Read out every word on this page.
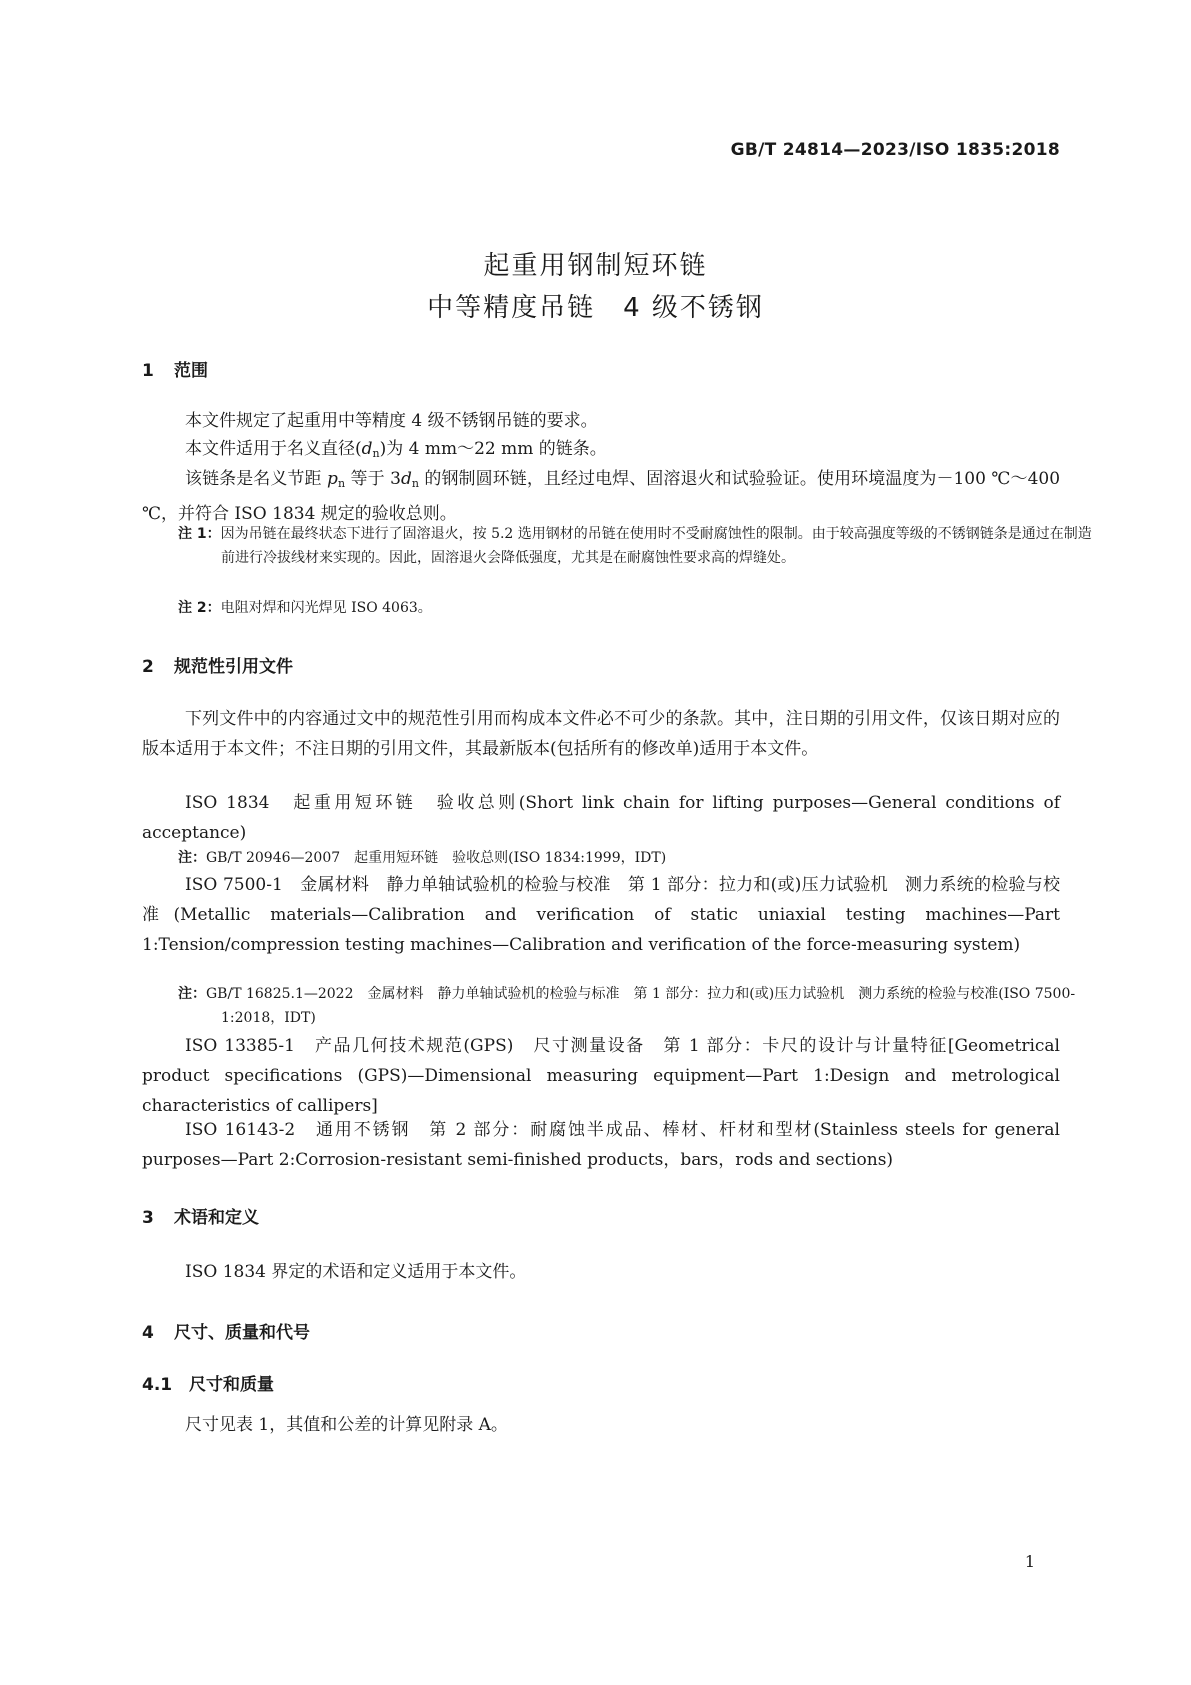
GB/T 24814—2023/ISO 1835:2018
起重用钢制短环链
中等精度吊链　4 级不锈钢
1 范围
本文件规定了起重用中等精度 4 级不锈钢吊链的要求。
本文件适用于名义直径$(d_n)$为 4 mm～22 mm 的链条。
该链条是名义节距 $p_n$ 等于 $3d_n$ 的钢制圆环链，且经过电焊、固溶退火和试验验证。使用环境温度为－100 ℃～400 ℃，并符合 ISO 1834 规定的验收总则。
注 1：因为吊链在最终状态下进行了固溶退火，按 5.2 选用钢材的吊链在使用时不受耐腐蚀性的限制。由于较高强度等级的不锈钢链条是通过在制造前进行冷拔线材来实现的。因此，固溶退火会降低强度，尤其是在耐腐蚀性要求高的焊缝处。
注 2：电阻对焊和闪光焊见 ISO 4063。
2 规范性引用文件
下列文件中的内容通过文中的规范性引用而构成本文件必不可少的条款。其中，注日期的引用文件，仅该日期对应的版本适用于本文件；不注日期的引用文件，其最新版本(包括所有的修改单)适用于本文件。
ISO 1834　起重用短环链　验收总则(Short link chain for lifting purposes—General conditions of acceptance)
注：GB/T 20946—2007　起重用短环链　验收总则(ISO 1834:1999，IDT)
ISO 7500-1　金属材料　静力单轴试验机的检验与校准　第 1 部分：拉力和(或)压力试验机　测力系统的检验与校准(Metallic materials—Calibration and verification of static uniaxial testing machines—Part 1:Tension/compression testing machines—Calibration and verification of the force-measuring system)
注：GB/T 16825.1—2022　金属材料　静力单轴试验机的检验与标准　第 1 部分：拉力和(或)压力试验机　测力系统的检验与校准(ISO 7500-1:2018，IDT)
ISO 13385-1　产品几何技术规范(GPS)　尺寸测量设备　第 1 部分：卡尺的设计与计量特征[Geometrical product specifications (GPS)—Dimensional measuring equipment—Part 1:Design and metrological characteristics of callipers]
ISO 16143-2　通用不锈钢　第 2 部分：耐腐蚀半成品、棒材、杆材和型材(Stainless steels for general purposes—Part 2:Corrosion-resistant semi-finished products，bars，rods and sections)
3 术语和定义
ISO 1834 界定的术语和定义适用于本文件。
4 尺寸、质量和代号
4.1 尺寸和质量
尺寸见表 1，其值和公差的计算见附录 A。
1
